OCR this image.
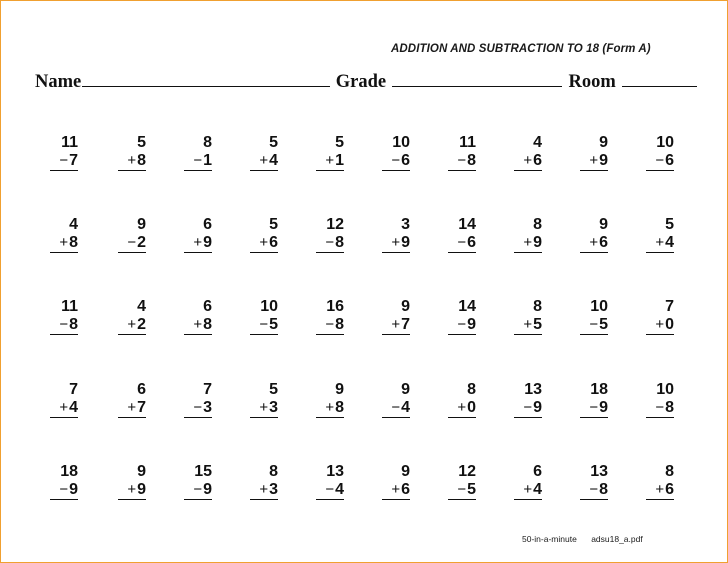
ADDITION AND SUBTRACTION TO 18 (Form A)
Name	Grade	Room
11
−7
5
+8
8
−1
5
+4
5
+1
10
−6
11
−8
4
+6
9
+9
10
−6
4
+8
9
−2
6
+9
5
+6
12
−8
3
+9
14
−6
8
+9
9
+6
5
+4
11
−8
4
+2
6
+8
10
−5
16
−8
9
+7
14
−9
8
+5
10
−5
7
+0
7
+4
6
+7
7
−3
5
+3
9
+8
9
−4
8
+0
13
−9
18
−9
10
−8
18
−9
9
+9
15
−9
8
+3
13
−4
9
+6
12
−5
6
+4
13
−8
8
+6
50-in-a-minute adsu18_a.pdf
